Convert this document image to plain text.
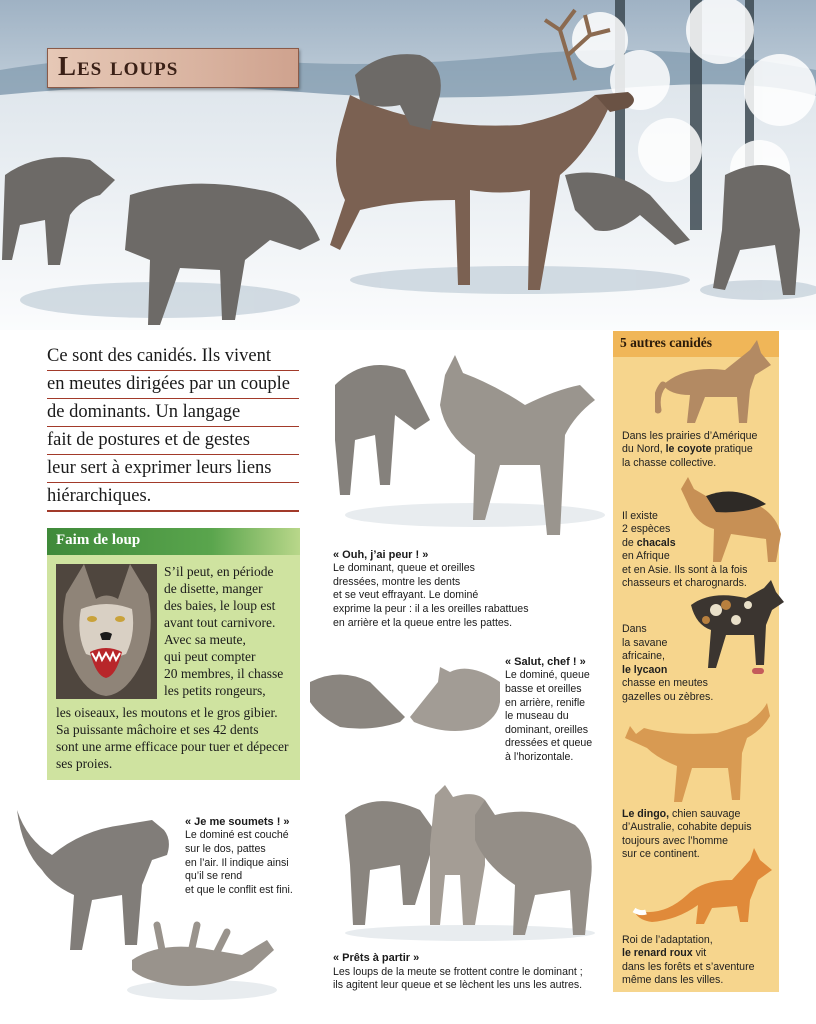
Les loups
Ce sont des canidés. Ils vivent
en meutes dirigées par un couple
de dominants. Un langage
fait de postures et de gestes
leur sert à exprimer leurs liens
hiérarchiques.
Faim de loup
S’il peut, en période
de disette, manger
des baies, le loup est
avant tout carnivore.
Avec sa meute,
qui peut compter
20 membres, il chasse
les petits rongeurs,
les oiseaux, les moutons et le gros gibier.
Sa puissante mâchoire et ses 42 dents
sont une arme efficace pour tuer et dépecer
ses proies.
« Ouh, j’ai peur ! »
Le dominant, queue et oreilles
dressées, montre les dents
et se veut effrayant. Le dominé
exprime la peur : il a les oreilles rabattues
en arrière et la queue entre les pattes.
« Salut, chef ! »
Le dominé, queue
basse et oreilles
en arrière, renifle
le museau du
dominant, oreilles
dressées et queue
à l’horizontale.
« Prêts à partir »
Les loups de la meute se frottent contre le dominant ;
ils agitent leur queue et se lèchent les uns les autres.
« Je me soumets ! »
Le dominé est couché
sur le dos, pattes
en l’air. Il indique ainsi
qu’il se rend
et que le conflit est fini.
5 autres canidés
Dans les prairies d’Amérique
du Nord, le coyote pratique
la chasse collective.
Il existe
2 espèces
de chacals
en Afrique
et en Asie. Ils sont à la fois
chasseurs et charognards.
Dans
la savane
africaine,
le lycaon
chasse en meutes
gazelles ou zèbres.
Le dingo, chien sauvage
d’Australie, cohabite depuis
toujours avec l’homme
sur ce continent.
Roi de l’adaptation,
le renard roux vit
dans les forêts et s’aventure
même dans les villes.
